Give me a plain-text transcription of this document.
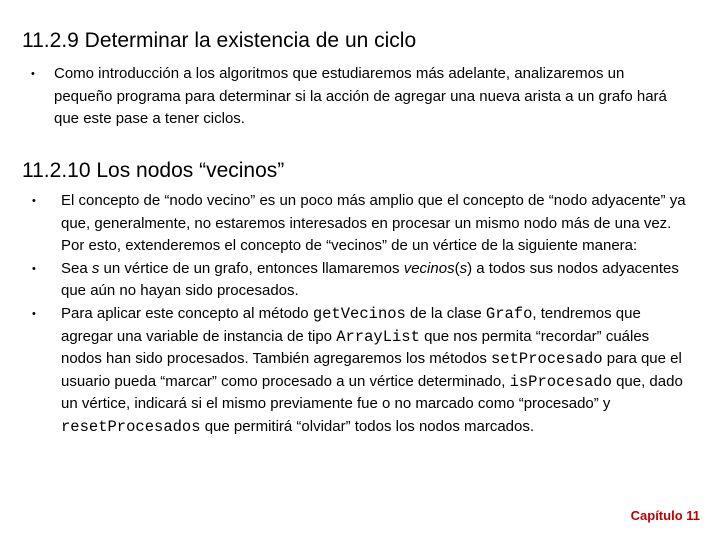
11.2.9 Determinar la existencia de un ciclo
• Como introducción a los algoritmos que estudiaremos más adelante, analizaremos un pequeño programa para determinar si la acción de agregar una nueva arista a un grafo hará que este pase a tener ciclos.
11.2.10 Los nodos “vecinos”
• El concepto de “nodo vecino” es un poco más amplio que el concepto de “nodo adyacente” ya que, generalmente, no estaremos interesados en procesar un mismo nodo más de una vez. Por esto, extenderemos el concepto de “vecinos” de un vértice de la siguiente manera:
• Sea s un vértice de un grafo, entonces llamaremos vecinos(s) a todos sus nodos adyacentes que aún no hayan sido procesados.
• Para aplicar este concepto al método getVecinos de la clase Grafo, tendremos que agregar una variable de instancia de tipo ArrayList que nos permita “recordar” cuáles nodos han sido procesados. También agregaremos los métodos setProcesado para que el usuario pueda “marcar” como procesado a un vértice determinado, isProcesado que, dado un vértice, indicará si el mismo previamente fue o no marcado como “procesado” y resetProcesados que permitirá “olvidar” todos los nodos marcados.
Capítulo 11
